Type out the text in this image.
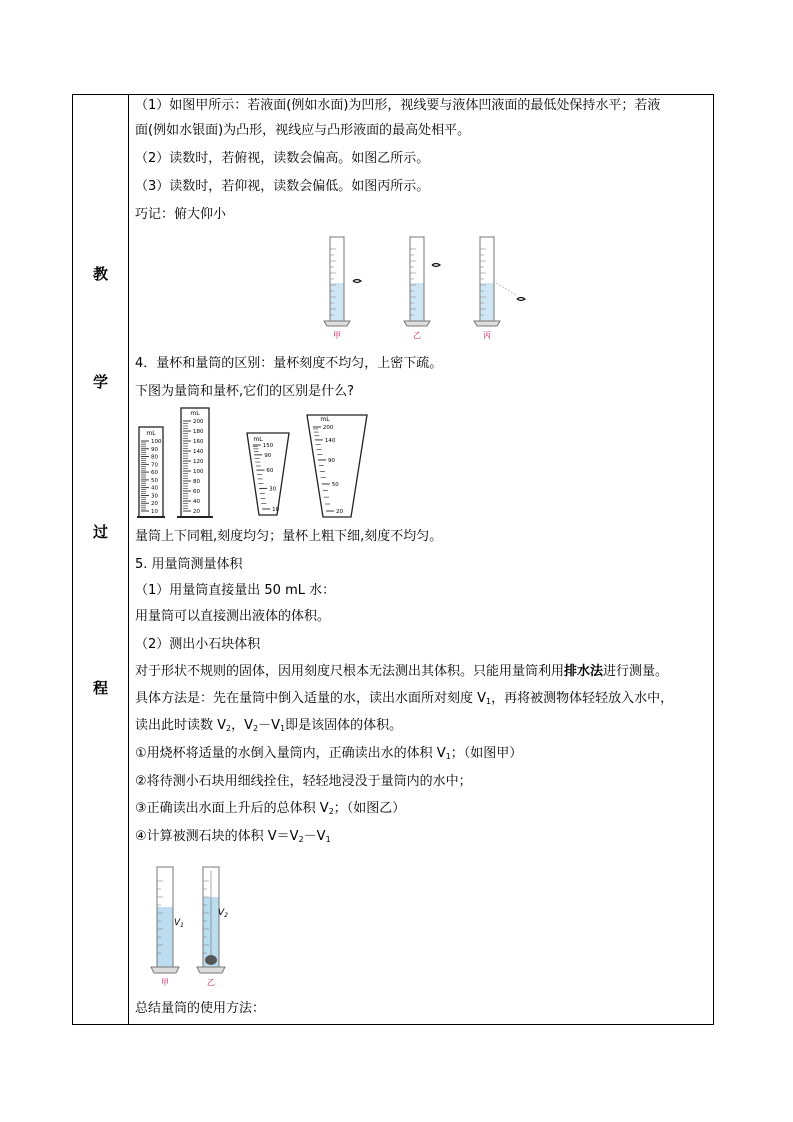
教
学
过
程
（1）如图甲所示：若液面(例如水面)为凹形，视线要与液体凹液面的最低处保持水平；若液
面(例如水银面)为凸形，视线应与凸形液面的最高处相平。
（2）读数时，若俯视，读数会偏高。如图乙所示。
（3）读数时，若仰视，读数会偏低。如图丙所示。
巧记：俯大仰小
甲	乙	丙
4．量杯和量筒的区别：量杯刻度不均匀，上密下疏。
下图为量筒和量杯,它们的区别是什么?
mL
100
90
80
70
60
50
40
30
20
10
mL
200
180
160
140
120
100
80
60
40
20
mL
150
90
60
30
10
mL
200
140
90
50
20
量筒上下同粗,刻度均匀；量杯上粗下细,刻度不均匀。
5. 用量筒测量体积
（1）用量筒直接量出 50 mL 水：
用量筒可以直接测出液体的体积。
（2）测出小石块体积
对于形状不规则的固体，因用刻度尺根本无法测出其体积。只能用量筒利用排水法进行测量。
具体方法是：先在量筒中倒入适量的水，读出水面所对刻度 $V_1$，再将被测物体轻轻放入水中，
读出此时读数 $V_2$，$V_2-V_1$即是该固体的体积。
①用烧杯将适量的水倒入量筒内，正确读出水的体积 $V_1$；（如图甲）
②将待测小石块用细线拴住，轻轻地浸没于量筒内的水中；
③正确读出水面上升后的总体积 $V_2$；（如图乙）
④计算被测石块的体积 $V=V_2-V_1$
$V_1$
甲
$V_2$
乙
总结量筒的使用方法：
